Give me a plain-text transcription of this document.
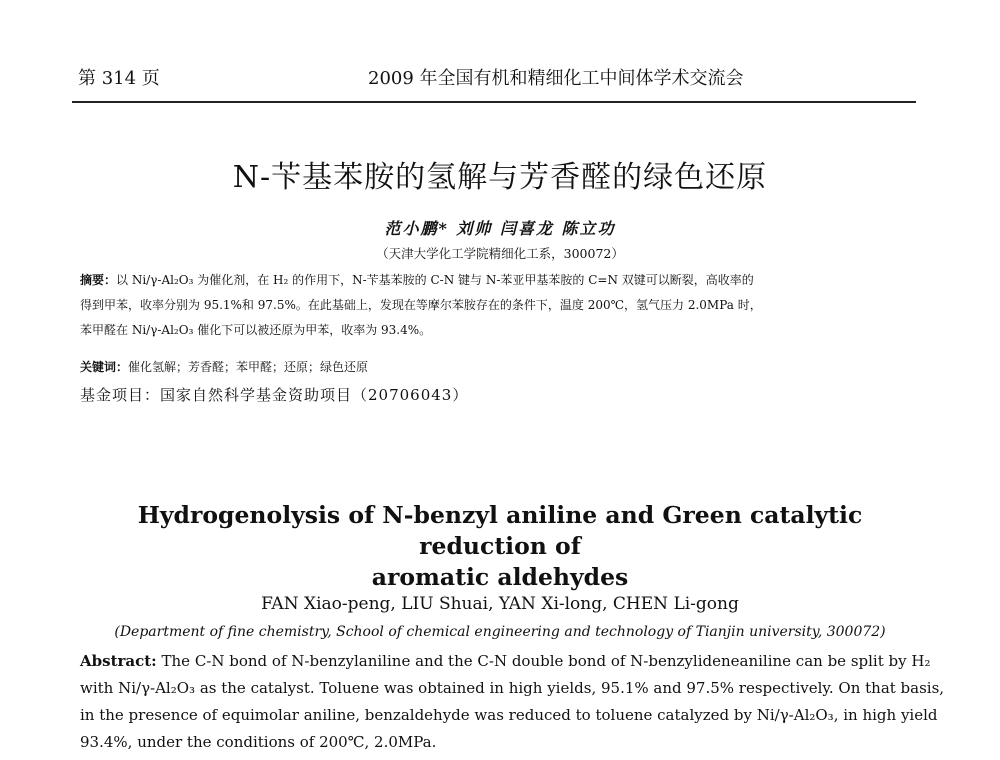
第 314 页	2009 年全国有机和精细化工中间体学术交流会
N-苄基苯胺的氢解与芳香醛的绿色还原
范小鹏* 刘帅 闫喜龙 陈立功
（天津大学化工学院精细化工系，300072）
摘要：以 Ni/γ-Al₂O₃ 为催化剂，在 H₂ 的作用下，N-苄基苯胺的 C-N 键与 N-苯亚甲基苯胺的 C=N 双键可以断裂，高收率的
得到甲苯，收率分别为 95.1%和 97.5%。在此基础上，发现在等摩尔苯胺存在的条件下，温度 200℃，氢气压力 2.0MPa 时，
苯甲醛在 Ni/γ-Al₂O₃ 催化下可以被还原为甲苯，收率为 93.4%。
关键词：催化氢解；芳香醛；苯甲醛；还原；绿色还原
基金项目：国家自然科学基金资助项目（20706043）
Hydrogenolysis of N-benzyl aniline and Green catalytic reduction of
aromatic aldehydes
FAN Xiao-peng, LIU Shuai, YAN Xi-long, CHEN Li-gong
(Department of fine chemistry, School of chemical engineering and technology of Tianjin university, 300072)
Abstract: The C-N bond of N-benzylaniline and the C-N double bond of N-benzylideneaniline can be split by H₂
with Ni/γ-Al₂O₃ as the catalyst. Toluene was obtained in high yields, 95.1% and 97.5% respectively. On that basis,
in the presence of equimolar aniline, benzaldehyde was reduced to toluene catalyzed by Ni/γ-Al₂O₃, in high yield
93.4%, under the conditions of 200℃, 2.0MPa.
